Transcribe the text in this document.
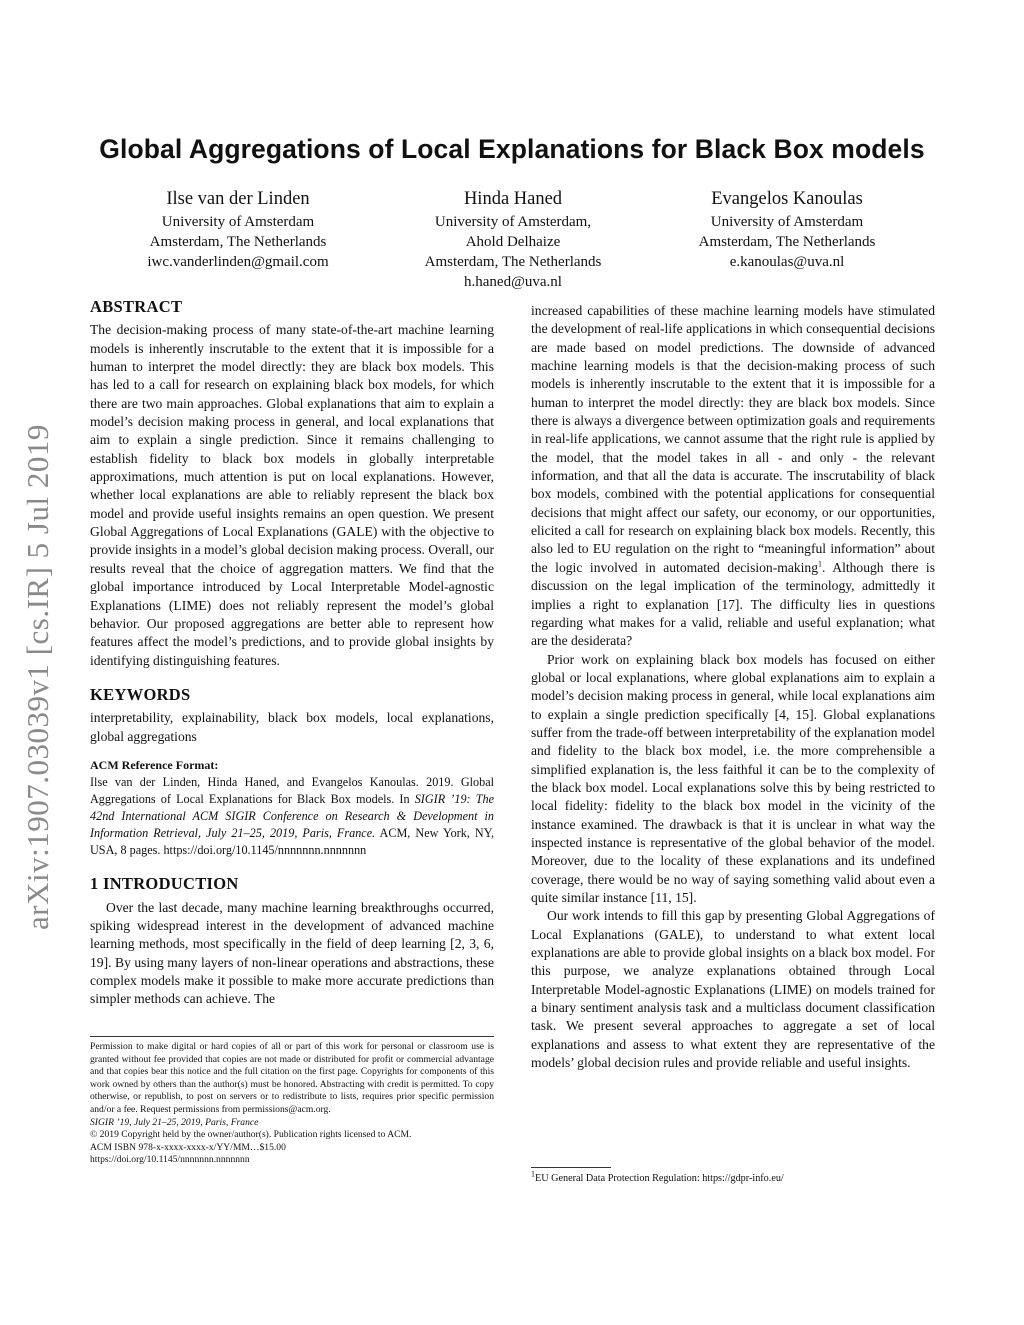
arXiv:1907.03039v1 [cs.IR] 5 Jul 2019
Global Aggregations of Local Explanations for Black Box models
Ilse van der Linden
University of Amsterdam
Amsterdam, The Netherlands
iwc.vanderlinden@gmail.com
Hinda Haned
University of Amsterdam,
Ahold Delhaize
Amsterdam, The Netherlands
h.haned@uva.nl
Evangelos Kanoulas
University of Amsterdam
Amsterdam, The Netherlands
e.kanoulas@uva.nl
ABSTRACT

The decision-making process of many state-of-the-art machine learning models is inherently inscrutable to the extent that it is impossible for a human to interpret the model directly: they are black box models. This has led to a call for research on explaining black box models, for which there are two main approaches. Global explanations that aim to explain a model’s decision making process in general, and local explanations that aim to explain a single prediction. Since it remains challenging to establish fidelity to black box models in globally interpretable approximations, much attention is put on local explanations. However, whether local explanations are able to reliably represent the black box model and provide useful insights remains an open question. We present Global Aggregations of Local Explanations (GALE) with the objective to provide insights in a model’s global decision making process. Overall, our results reveal that the choice of aggregation matters. We find that the global importance introduced by Local Interpretable Model-agnostic Explanations (LIME) does not reliably represent the model’s global behavior. Our proposed aggregations are better able to represent how features affect the model’s predictions, and to provide global insights by identifying distinguishing features.

KEYWORDS

interpretability, explainability, black box models, local explanations, global aggregations

ACM Reference Format:

Ilse van der Linden, Hinda Haned, and Evangelos Kanoulas. 2019. Global Aggregations of Local Explanations for Black Box models. In SIGIR ’19: The 42nd International ACM SIGIR Conference on Research & Development in Information Retrieval, July 21–25, 2019, Paris, France. ACM, New York, NY, USA, 8 pages. https://doi.org/10.1145/nnnnnnn.nnnnnnn

1 INTRODUCTION

Over the last decade, many machine learning breakthroughs occurred, spiking widespread interest in the development of advanced machine learning methods, most specifically in the field of deep learning [2, 3, 6, 19]. By using many layers of non-linear operations and abstractions, these complex models make it possible to make more accurate predictions than simpler methods can achieve. The

Permission to make digital or hard copies of all or part of this work for personal or classroom use is granted without fee provided that copies are not made or distributed for profit or commercial advantage and that copies bear this notice and the full citation on the first page. Copyrights for components of this work owned by others than the author(s) must be honored. Abstracting with credit is permitted. To copy otherwise, or republish, to post on servers or to redistribute to lists, requires prior specific permission and/or a fee. Request permissions from permissions@acm.org.
SIGIR ’19, July 21–25, 2019, Paris, France
© 2019 Copyright held by the owner/author(s). Publication rights licensed to ACM.
ACM ISBN 978-x-xxxx-xxxx-x/YY/MM…$15.00
https://doi.org/10.1145/nnnnnnn.nnnnnnn

increased capabilities of these machine learning models have stimulated the development of real-life applications in which consequential decisions are made based on model predictions. The downside of advanced machine learning models is that the decision-making process of such models is inherently inscrutable to the extent that it is impossible for a human to interpret the model directly: they are black box models. Since there is always a divergence between optimization goals and requirements in real-life applications, we cannot assume that the right rule is applied by the model, that the model takes in all - and only - the relevant information, and that all the data is accurate. The inscrutability of black box models, combined with the potential applications for consequential decisions that might affect our safety, our economy, or our opportunities, elicited a call for research on explaining black box models. Recently, this also led to EU regulation on the right to “meaningful information” about the logic involved in automated decision-making$^1$. Although there is discussion on the legal implication of the terminology, admittedly it implies a right to explanation [17]. The difficulty lies in questions regarding what makes for a valid, reliable and useful explanation; what are the desiderata?

Prior work on explaining black box models has focused on either global or local explanations, where global explanations aim to explain a model’s decision making process in general, while local explanations aim to explain a single prediction specifically [4, 15]. Global explanations suffer from the trade-off between interpretability of the explanation model and fidelity to the black box model, i.e. the more comprehensible a simplified explanation is, the less faithful it can be to the complexity of the black box model. Local explanations solve this by being restricted to local fidelity: fidelity to the black box model in the vicinity of the instance examined. The drawback is that it is unclear in what way the inspected instance is representative of the global behavior of the model. Moreover, due to the locality of these explanations and its undefined coverage, there would be no way of saying something valid about even a quite similar instance [11, 15].

Our work intends to fill this gap by presenting Global Aggregations of Local Explanations (GALE), to understand to what extent local explanations are able to provide global insights on a black box model. For this purpose, we analyze explanations obtained through Local Interpretable Model-agnostic Explanations (LIME) on models trained for a binary sentiment analysis task and a multiclass document classification task. We present several approaches to aggregate a set of local explanations and assess to what extent they are representative of the models’ global decision rules and provide reliable and useful insights.

$^1$EU General Data Protection Regulation: https://gdpr-info.eu/
